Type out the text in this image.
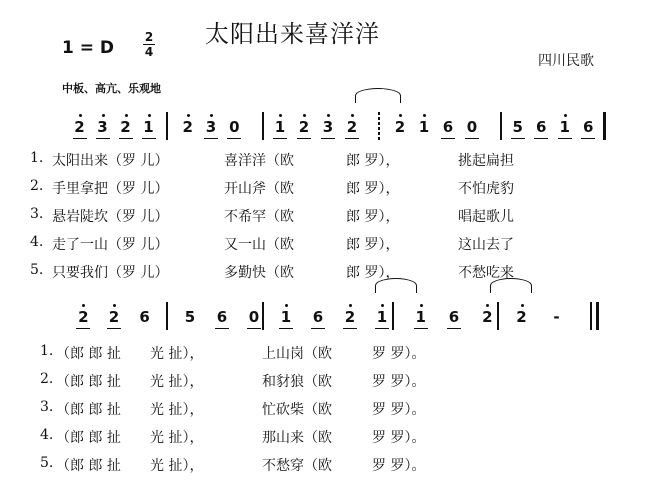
太阳出来喜洋洋
1 = D
2
4
中板、高亢、乐观地
四川民歌
2 3 2 1	2 3 0	1 2 3 2	2 1 6 0	5 6 1 6
2	2	6	5	6	0	1	6	2	1	1	6	2	2	-
1. 太阳出来（罗 儿）	喜洋洋（欧	郎 罗），	挑起扁担
2. 手里拿把（罗 儿）	开山斧（欧	郎 罗），	不怕虎豹
3. 悬岩陡坎（罗 儿）	不希罕（欧	郎 罗），	唱起歌儿
4. 走了一山（罗 儿）	又一山（欧	郎 罗），	这山去了
5. 只要我们（罗 儿）	多勤快（欧	郎 罗），	不愁吃来
1. （郎 郎 扯 光 扯），	上山岗（欧	罗 罗）。
2. （郎 郎 扯 光 扯），	和豺狼（欧	罗 罗）。
3. （郎 郎 扯 光 扯），	忙砍柴（欧	罗 罗）。
4. （郎 郎 扯 光 扯），	那山来（欧	罗 罗）。
5. （郎 郎 扯 光 扯），	不愁穿（欧	罗 罗）。
